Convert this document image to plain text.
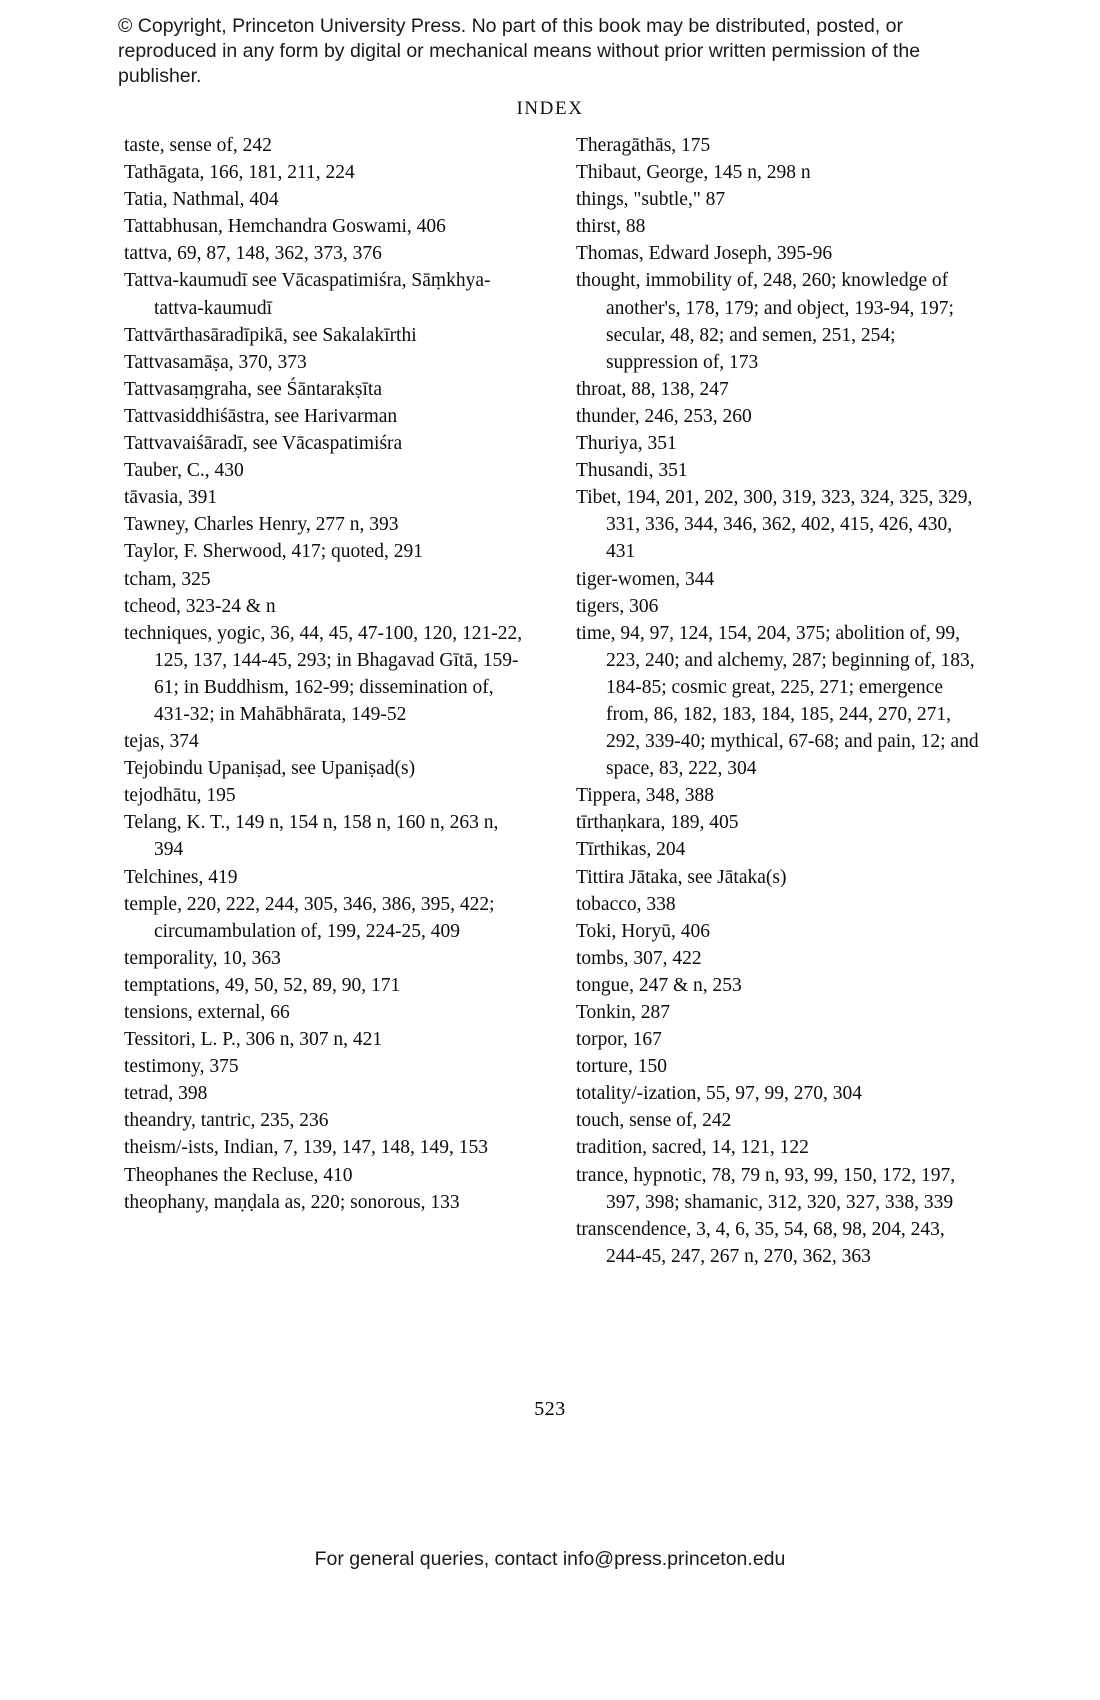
© Copyright, Princeton University Press. No part of this book may be distributed, posted, or reproduced in any form by digital or mechanical means without prior written permission of the publisher.
INDEX

taste, sense of, 242

Tathāgata, 166, 181, 211, 224

Tatia, Nathmal, 404

Tattabhusan, Hemchandra Goswami, 406

tattva, 69, 87, 148, 362, 373, 376

Tattva-kaumudī see Vācaspatimiśra, Sāṃkhya-tattva-kaumudī

Tattvārthasāradīpikā, see Sakalakīrthi

Tattvasamāṣa, 370, 373

Tattvasaṃgraha, see Śāntarakṣīta

Tattvasiddhiśāstra, see Harivarman

Tattvavaiśāradī, see Vācaspatimiśra

Tauber, C., 430

tāvasia, 391

Tawney, Charles Henry, 277 n, 393

Taylor, F. Sherwood, 417; quoted, 291

tcham, 325

tcheod, 323-24 & n

techniques, yogic, 36, 44, 45, 47-100, 120, 121-22, 125, 137, 144-45, 293; in Bhagavad Gītā, 159-61; in Buddhism, 162-99; dissemination of, 431-32; in Mahābhārata, 149-52

tejas, 374

Tejobindu Upaniṣad, see Upaniṣad(s)

tejodhātu, 195

Telang, K. T., 149 n, 154 n, 158 n, 160 n, 263 n, 394

Telchines, 419

temple, 220, 222, 244, 305, 346, 386, 395, 422; circumambulation of, 199, 224-25, 409

temporality, 10, 363

temptations, 49, 50, 52, 89, 90, 171

tensions, external, 66

Tessitori, L. P., 306 n, 307 n, 421

testimony, 375

tetrad, 398

theandry, tantric, 235, 236

theism/-ists, Indian, 7, 139, 147, 148, 149, 153

Theophanes the Recluse, 410

theophany, maṇḍala as, 220; sonorous, 133

Theragāthās, 175

Thibaut, George, 145 n, 298 n

things, "subtle," 87

thirst, 88

Thomas, Edward Joseph, 395-96

thought, immobility of, 248, 260; knowledge of another's, 178, 179; and object, 193-94, 197; secular, 48, 82; and semen, 251, 254; suppression of, 173

throat, 88, 138, 247

thunder, 246, 253, 260

Thuriya, 351

Thusandi, 351

Tibet, 194, 201, 202, 300, 319, 323, 324, 325, 329, 331, 336, 344, 346, 362, 402, 415, 426, 430, 431

tiger-women, 344

tigers, 306

time, 94, 97, 124, 154, 204, 375; abolition of, 99, 223, 240; and alchemy, 287; beginning of, 183, 184-85; cosmic great, 225, 271; emergence from, 86, 182, 183, 184, 185, 244, 270, 271, 292, 339-40; mythical, 67-68; and pain, 12; and space, 83, 222, 304

Tippera, 348, 388

tīrthaṇkara, 189, 405

Tīrthikas, 204

Tittira Jātaka, see Jātaka(s)

tobacco, 338

Toki, Horyū, 406

tombs, 307, 422

tongue, 247 & n, 253

Tonkin, 287

torpor, 167

torture, 150

totality/-ization, 55, 97, 99, 270, 304

touch, sense of, 242

tradition, sacred, 14, 121, 122

trance, hypnotic, 78, 79 n, 93, 99, 150, 172, 197, 397, 398; shamanic, 312, 320, 327, 338, 339

transcendence, 3, 4, 6, 35, 54, 68, 98, 204, 243, 244-45, 247, 267 n, 270, 362, 363

523
For general queries, contact info@press.princeton.edu
